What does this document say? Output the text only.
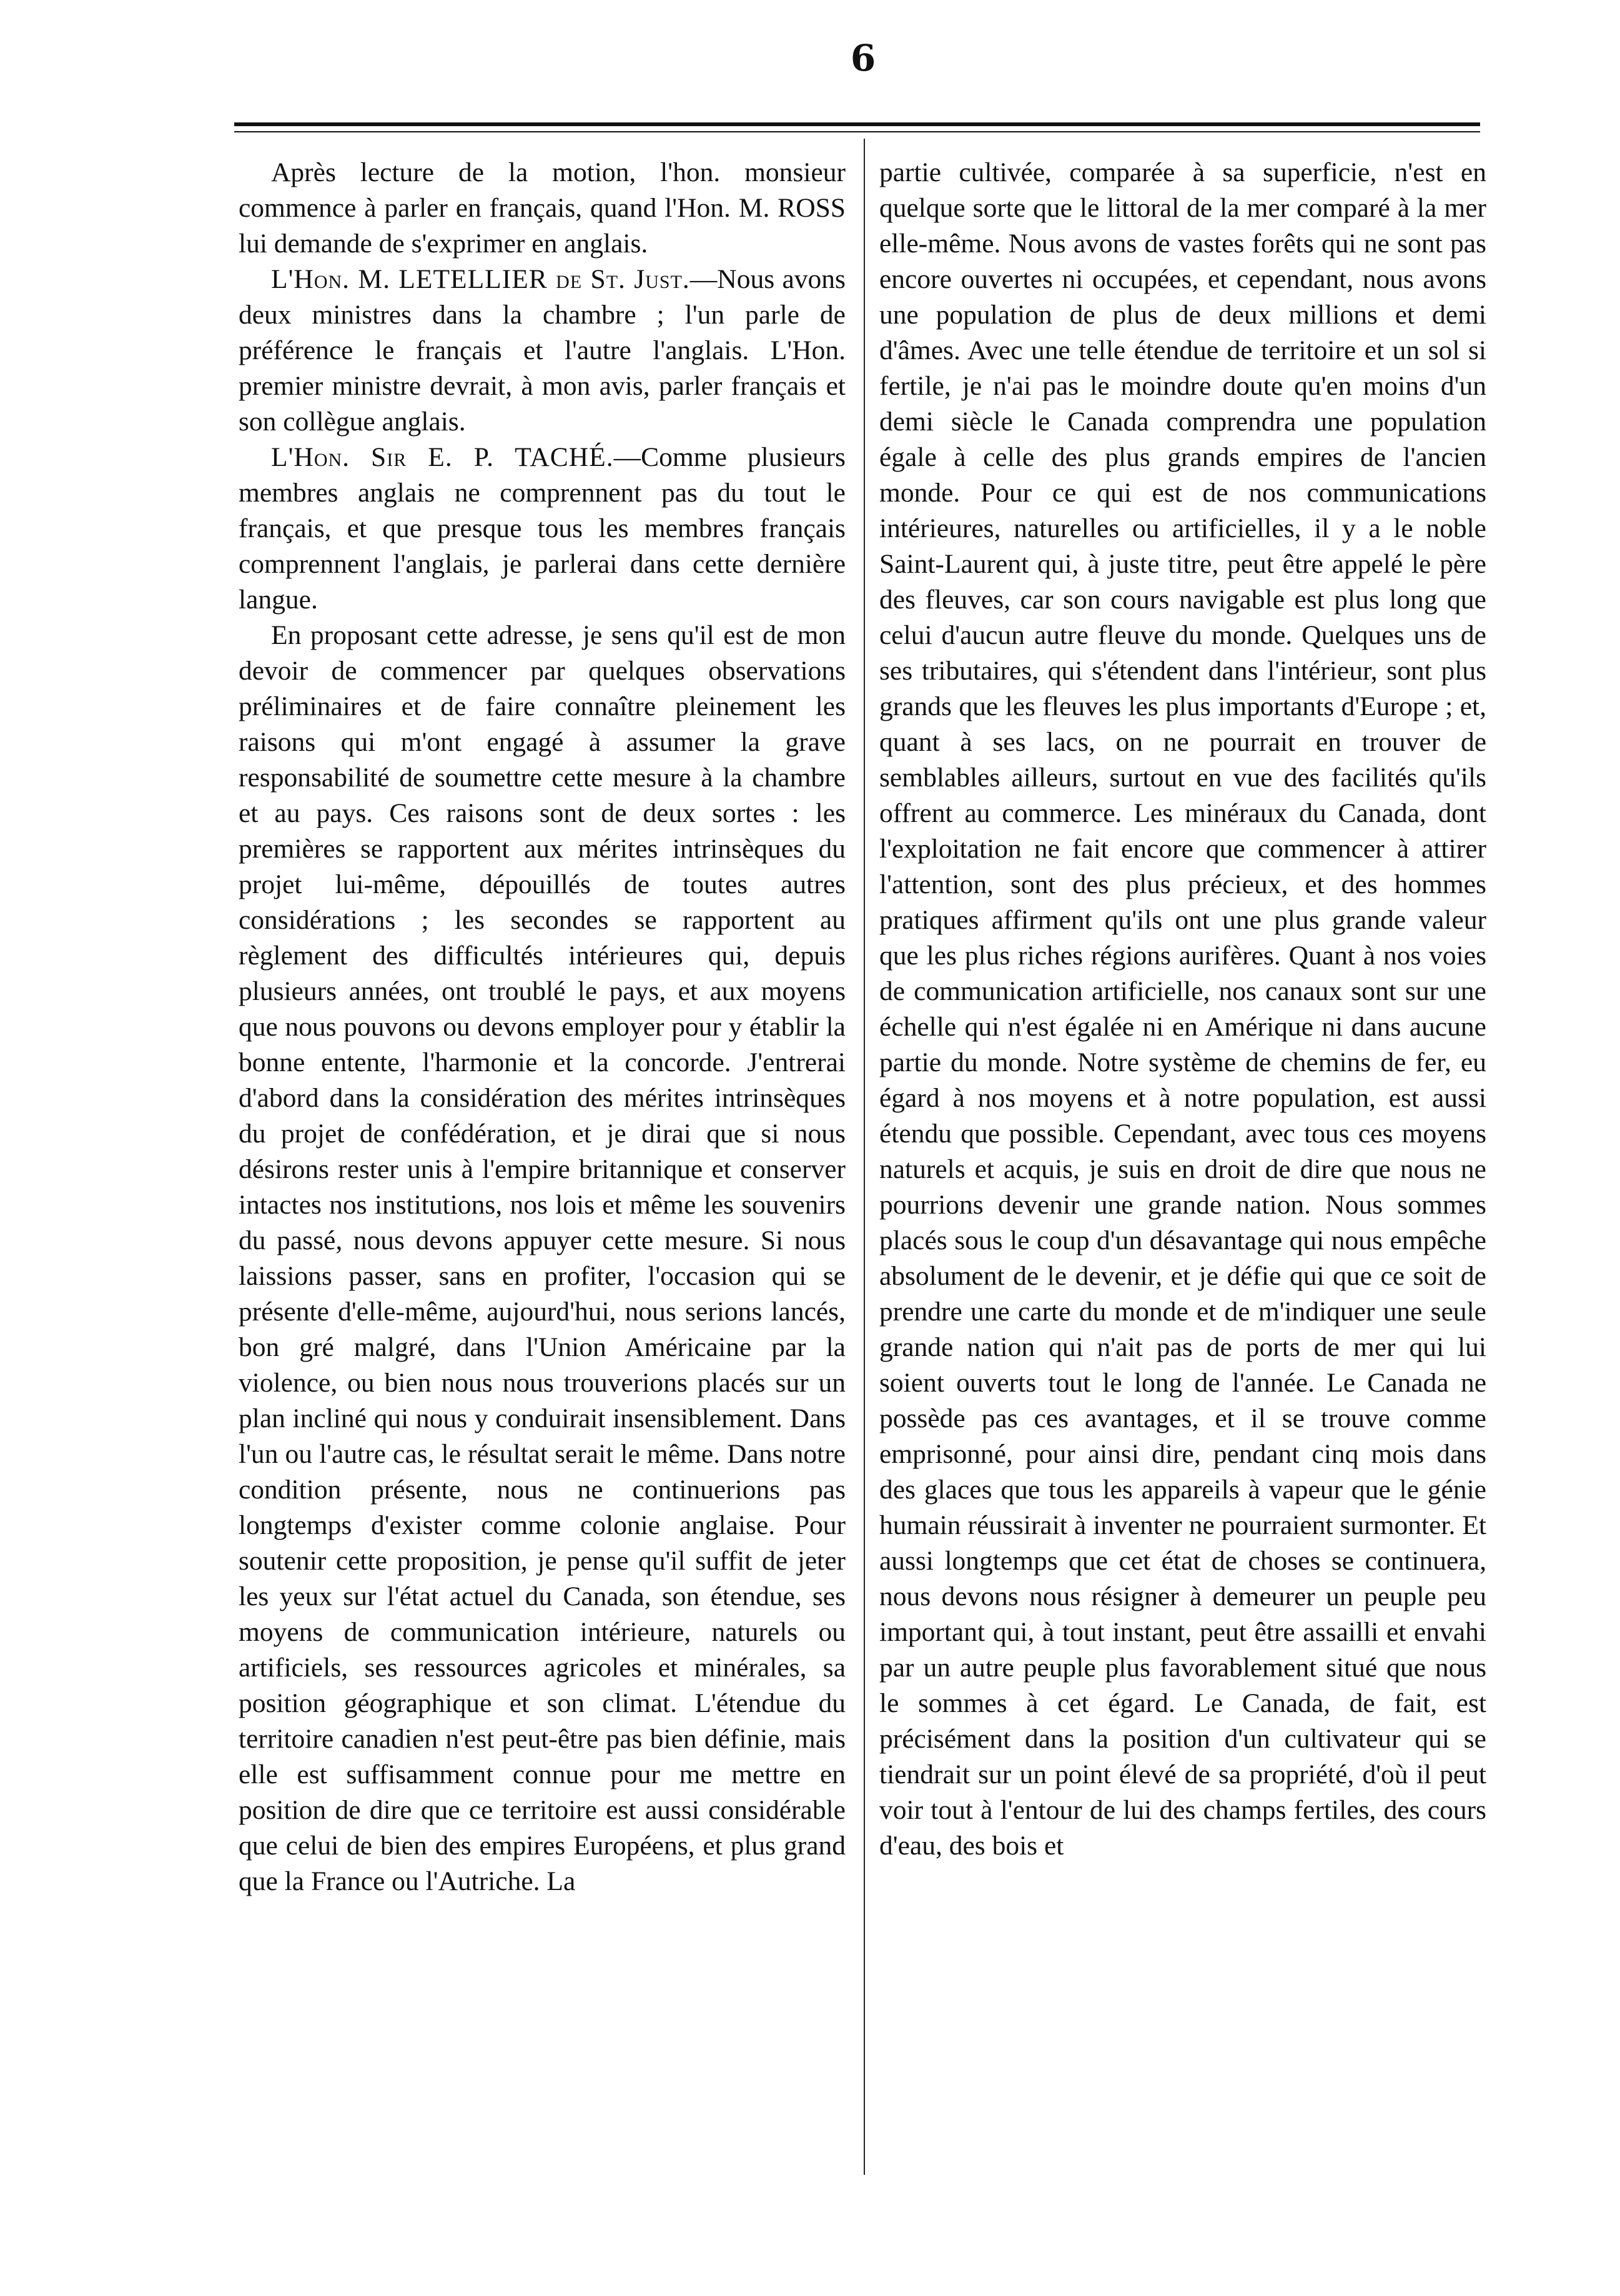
6

Après lecture de la motion, l'hon. monsieur commence à parler en français, quand l'Hon. M. ROSS lui demande de s'exprimer en anglais.

L'Hon. M. LETELLIER de St. Just.—Nous avons deux ministres dans la chambre ; l'un parle de préférence le français et l'autre l'anglais. L'Hon. premier ministre devrait, à mon avis, parler français et son collègue anglais.

L'Hon. Sir E. P. TACHÉ.—Comme plusieurs membres anglais ne comprennent pas du tout le français, et que presque tous les membres français comprennent l'anglais, je parlerai dans cette dernière langue.

En proposant cette adresse, je sens qu'il est de mon devoir de commencer par quelques observations préliminaires et de faire connaître pleinement les raisons qui m'ont engagé à assumer la grave responsabilité de soumettre cette mesure à la chambre et au pays. Ces raisons sont de deux sortes : les premières se rapportent aux mérites intrinsèques du projet lui-même, dépouillés de toutes autres considérations ; les secondes se rapportent au règlement des difficultés intérieures qui, depuis plusieurs années, ont troublé le pays, et aux moyens que nous pouvons ou devons employer pour y établir la bonne entente, l'harmonie et la concorde. J'entrerai d'abord dans la considération des mérites intrinsèques du projet de confédération, et je dirai que si nous désirons rester unis à l'empire britannique et conserver intactes nos institutions, nos lois et même les souvenirs du passé, nous devons appuyer cette mesure. Si nous laissions passer, sans en profiter, l'occasion qui se présente d'elle-même, aujourd'hui, nous serions lancés, bon gré malgré, dans l'Union Américaine par la violence, ou bien nous nous trouverions placés sur un plan incliné qui nous y conduirait insensiblement. Dans l'un ou l'autre cas, le résultat serait le même. Dans notre condition présente, nous ne continuerions pas longtemps d'exister comme colonie anglaise. Pour soutenir cette proposition, je pense qu'il suffit de jeter les yeux sur l'état actuel du Canada, son étendue, ses moyens de communication intérieure, naturels ou artificiels, ses ressources agricoles et minérales, sa position géographique et son climat. L'étendue du territoire canadien n'est peut-être pas bien définie, mais elle est suffisamment connue pour me mettre en position de dire que ce territoire est aussi considérable que celui de bien des empires Européens, et plus grand que la France ou l'Autriche. La

partie cultivée, comparée à sa superficie, n'est en quelque sorte que le littoral de la mer comparé à la mer elle-même. Nous avons de vastes forêts qui ne sont pas encore ouvertes ni occupées, et cependant, nous avons une population de plus de deux millions et demi d'âmes. Avec une telle étendue de territoire et un sol si fertile, je n'ai pas le moindre doute qu'en moins d'un demi siècle le Canada comprendra une population égale à celle des plus grands empires de l'ancien monde. Pour ce qui est de nos communications intérieures, naturelles ou artificielles, il y a le noble Saint-Laurent qui, à juste titre, peut être appelé le père des fleuves, car son cours navigable est plus long que celui d'aucun autre fleuve du monde. Quelques uns de ses tributaires, qui s'étendent dans l'intérieur, sont plus grands que les fleuves les plus importants d'Europe ; et, quant à ses lacs, on ne pourrait en trouver de semblables ailleurs, surtout en vue des facilités qu'ils offrent au commerce. Les minéraux du Canada, dont l'exploitation ne fait encore que commencer à attirer l'attention, sont des plus précieux, et des hommes pratiques affirment qu'ils ont une plus grande valeur que les plus riches régions aurifères. Quant à nos voies de communication artificielle, nos canaux sont sur une échelle qui n'est égalée ni en Amérique ni dans aucune partie du monde. Notre système de chemins de fer, eu égard à nos moyens et à notre population, est aussi étendu que possible. Cependant, avec tous ces moyens naturels et acquis, je suis en droit de dire que nous ne pourrions devenir une grande nation. Nous sommes placés sous le coup d'un désavantage qui nous empêche absolument de le devenir, et je défie qui que ce soit de prendre une carte du monde et de m'indiquer une seule grande nation qui n'ait pas de ports de mer qui lui soient ouverts tout le long de l'année. Le Canada ne possède pas ces avantages, et il se trouve comme emprisonné, pour ainsi dire, pendant cinq mois dans des glaces que tous les appareils à vapeur que le génie humain réussirait à inventer ne pourraient surmonter. Et aussi longtemps que cet état de choses se continuera, nous devons nous résigner à demeurer un peuple peu important qui, à tout instant, peut être assailli et envahi par un autre peuple plus favorablement situé que nous le sommes à cet égard. Le Canada, de fait, est précisément dans la position d'un cultivateur qui se tiendrait sur un point élevé de sa propriété, d'où il peut voir tout à l'entour de lui des champs fertiles, des cours d'eau, des bois et
